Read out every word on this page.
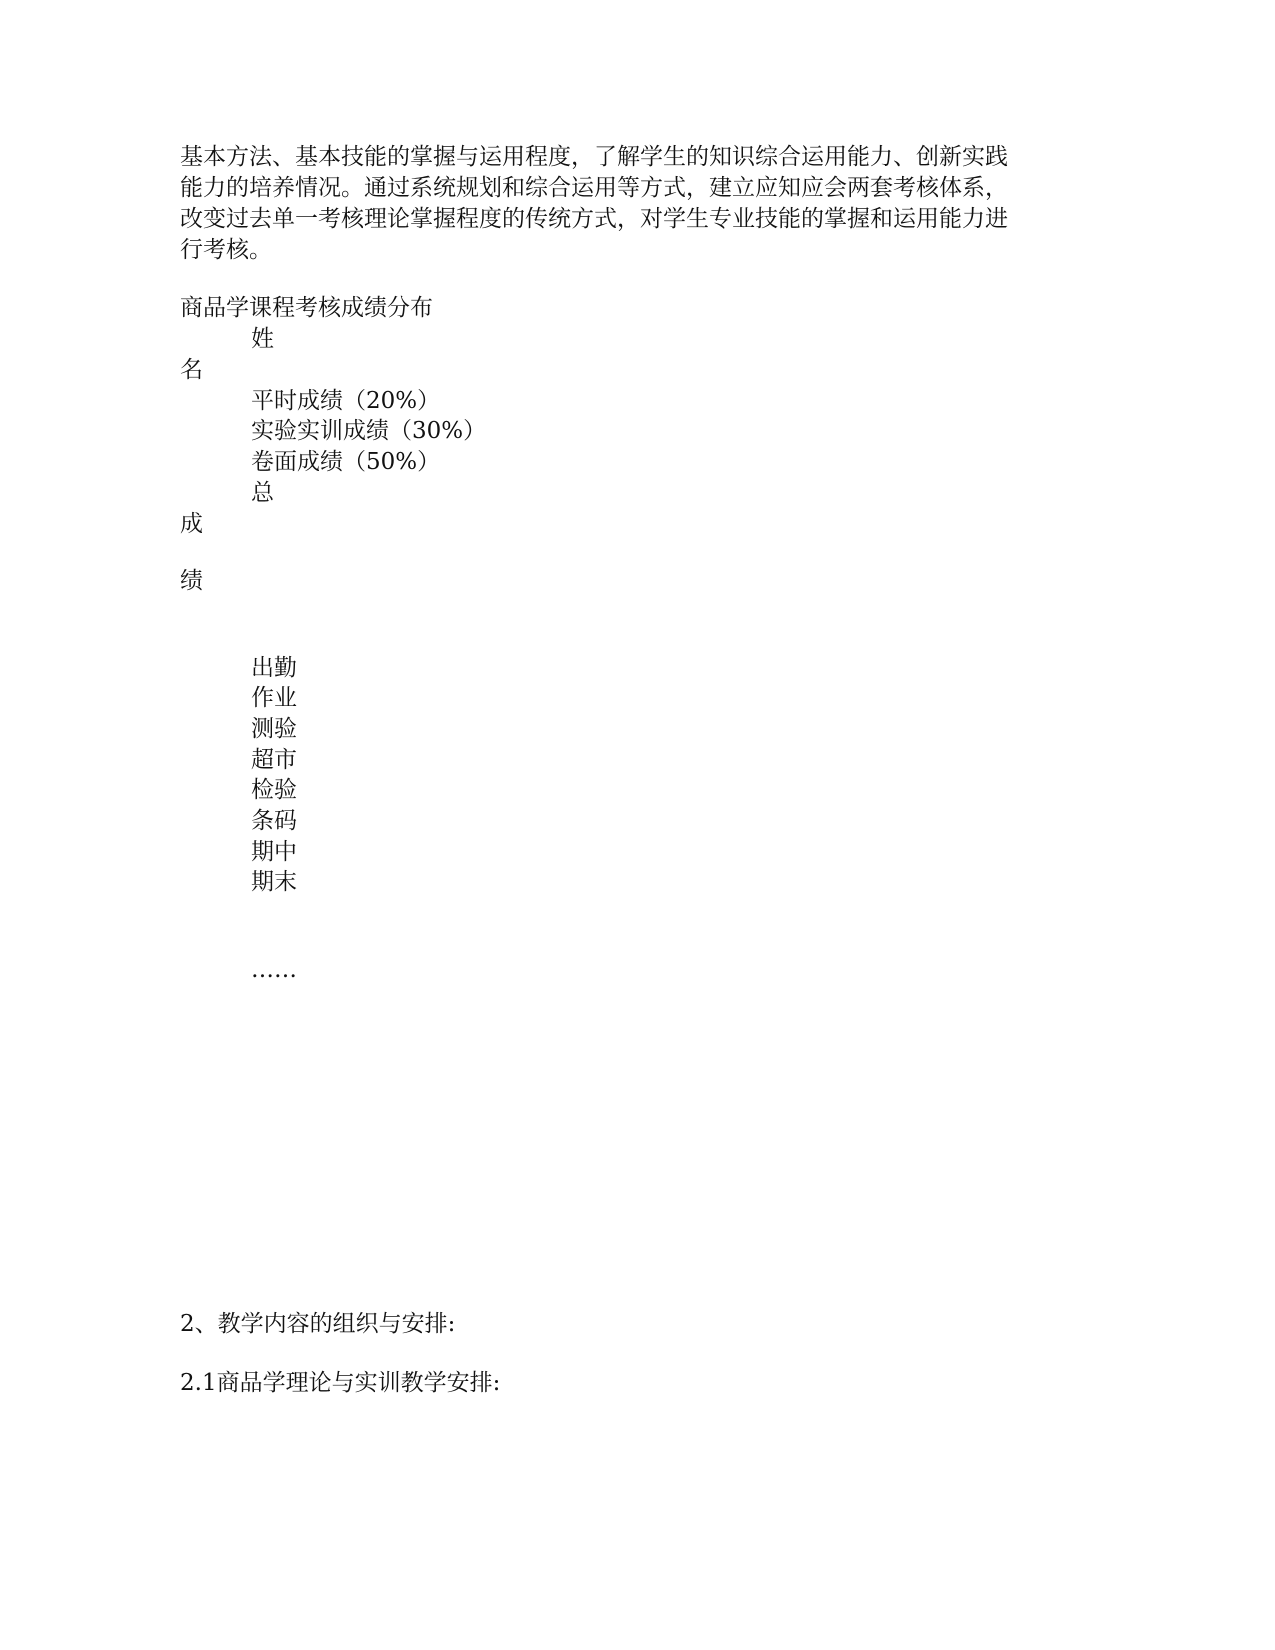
基本方法、基本技能的掌握与运用程度，了解学生的知识综合运用能力、创新实践
能力的培养情况。通过系统规划和综合运用等方式，建立应知应会两套考核体系，
改变过去单一考核理论掌握程度的传统方式，对学生专业技能的掌握和运用能力进
行考核。
商品学课程考核成绩分布
姓
名
平时成绩（20%）
实验实训成绩（30%）
卷面成绩（50%）
总
成
绩
出勤
作业
测验
超市
检验
条码
期中
期末
……
2、教学内容的组织与安排:
2.1商品学理论与实训教学安排:
